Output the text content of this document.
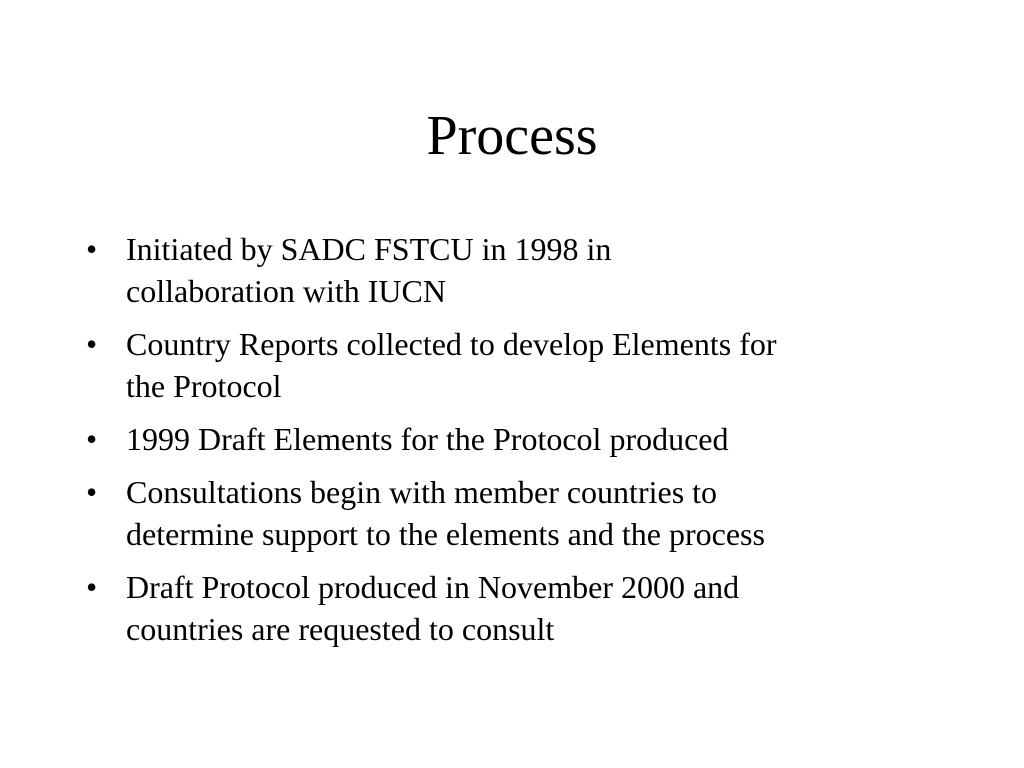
Process
• Initiated by SADC FSTCU in 1998 in
collaboration with IUCN
• Country Reports collected to develop Elements for
the Protocol
• 1999 Draft Elements for the Protocol produced
• Consultations begin with member countries to
determine support to the elements and the process
• Draft Protocol produced in November 2000 and
countries are requested to consult
